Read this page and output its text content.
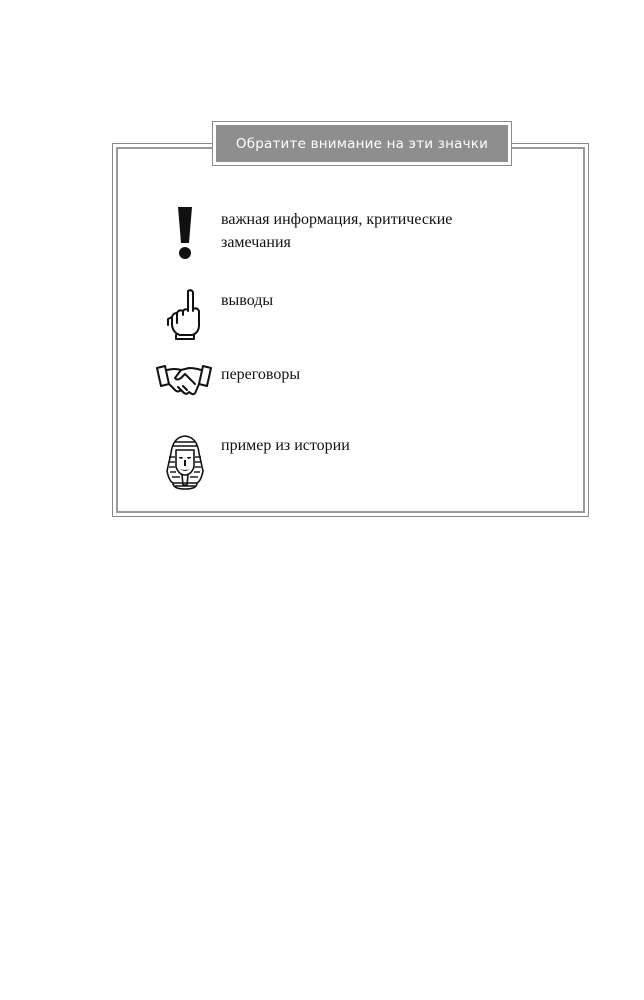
Обратите внимание на эти значки
важная информация, критические замечания
выводы
переговоры
пример из истории
